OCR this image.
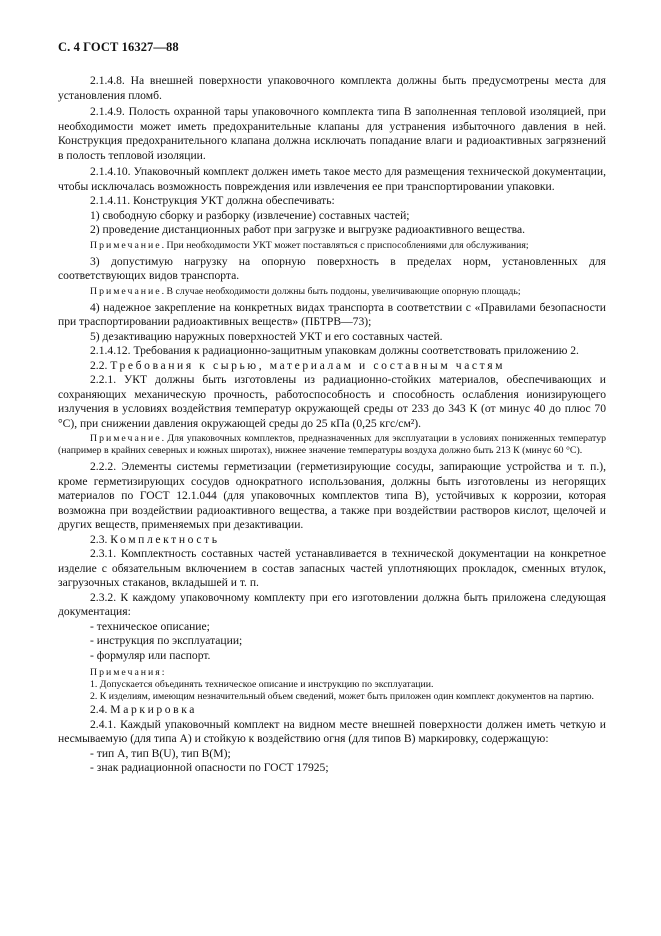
С. 4 ГОСТ 16327—88

2.1.4.8. На внешней поверхности упаковочного комплекта должны быть предусмотрены места для установления пломб.

2.1.4.9. Полость охранной тары упаковочного комплекта типа В заполненная тепловой изоляцией, при необходимости может иметь предохранительные клапаны для устранения избыточного давления в ней. Конструкция предохранительного клапана должна исключать попадание влаги и радиоактивных загрязнений в полость тепловой изоляции.

2.1.4.10. Упаковочный комплект должен иметь такое место для размещения технической документации, чтобы исключалась возможность повреждения или извлечения ее при транспортировании упаковки.

2.1.4.11. Конструкция УКТ должна обеспечивать:

1) свободную сборку и разборку (извлечение) составных частей;

2) проведение дистанционных работ при загрузке и выгрузке радиоактивного вещества.

Примечание. При необходимости УКТ может поставляться с приспособлениями для обслуживания;

3) допустимую нагрузку на опорную поверхность в пределах норм, установленных для соответствующих видов транспорта.

Примечание. В случае необходимости должны быть поддоны, увеличивающие опорную площадь;

4) надежное закрепление на конкретных видах транспорта в соответствии с «Правилами безопасности при траспортировании радиоактивных веществ» (ПБТРВ—73);

5) дезактивацию наружных поверхностей УКТ и его составных частей.

2.1.4.12. Требования к радиационно-защитным упаковкам должны соответствовать приложению 2.

2.2. Требования к сырью, материалам и составным частям

2.2.1. УКТ должны быть изготовлены из радиационно-стойких материалов, обеспечивающих и сохраняющих механическую прочность, работоспособность и способность ослабления ионизирующего излучения в условиях воздействия температур окружающей среды от 233 до 343 К (от минус 40 до плюс 70 °С), при снижении давления окружающей среды до 25 кПа (0,25 кгс/см²).

Примечание. Для упаковочных комплектов, предназначенных для эксплуатации в условиях пониженных температур (например в крайних северных и южных широтах), нижнее значение температуры воздуха должно быть 213 К (минус 60 °С).

2.2.2. Элементы системы герметизации (герметизирующие сосуды, запирающие устройства и т. п.), кроме герметизирующих сосудов однократного использования, должны быть изготовлены из негорящих материалов по ГОСТ 12.1.044 (для упаковочных комплектов типа В), устойчивых к коррозии, которая возможна при воздействии радиоактивного вещества, а также при воздействии растворов кислот, щелочей и других веществ, применяемых при дезактивации.

2.3. Комплектность

2.3.1. Комплектность составных частей устанавливается в технической документации на конкретное изделие с обязательным включением в состав запасных частей уплотняющих прокладок, сменных втулок, загрузочных стаканов, вкладышей и т. п.

2.3.2. К каждому упаковочному комплекту при его изготовлении должна быть приложена следующая документация:

- техническое описание;

- инструкция по эксплуатации;

- формуляр или паспорт.

Примечания:

1. Допускается объединять техническое описание и инструкцию по эксплуатации.

2. К изделиям, имеющим незначительный объем сведений, может быть приложен один комплект документов на партию.

2.4. Маркировка

2.4.1. Каждый упаковочный комплект на видном месте внешней поверхности должен иметь четкую и несмываемую (для типа А) и стойкую к воздействию огня (для типов В) маркировку, содержащую:

- тип А, тип В(U), тип В(М);

- знак радиационной опасности по ГОСТ 17925;
